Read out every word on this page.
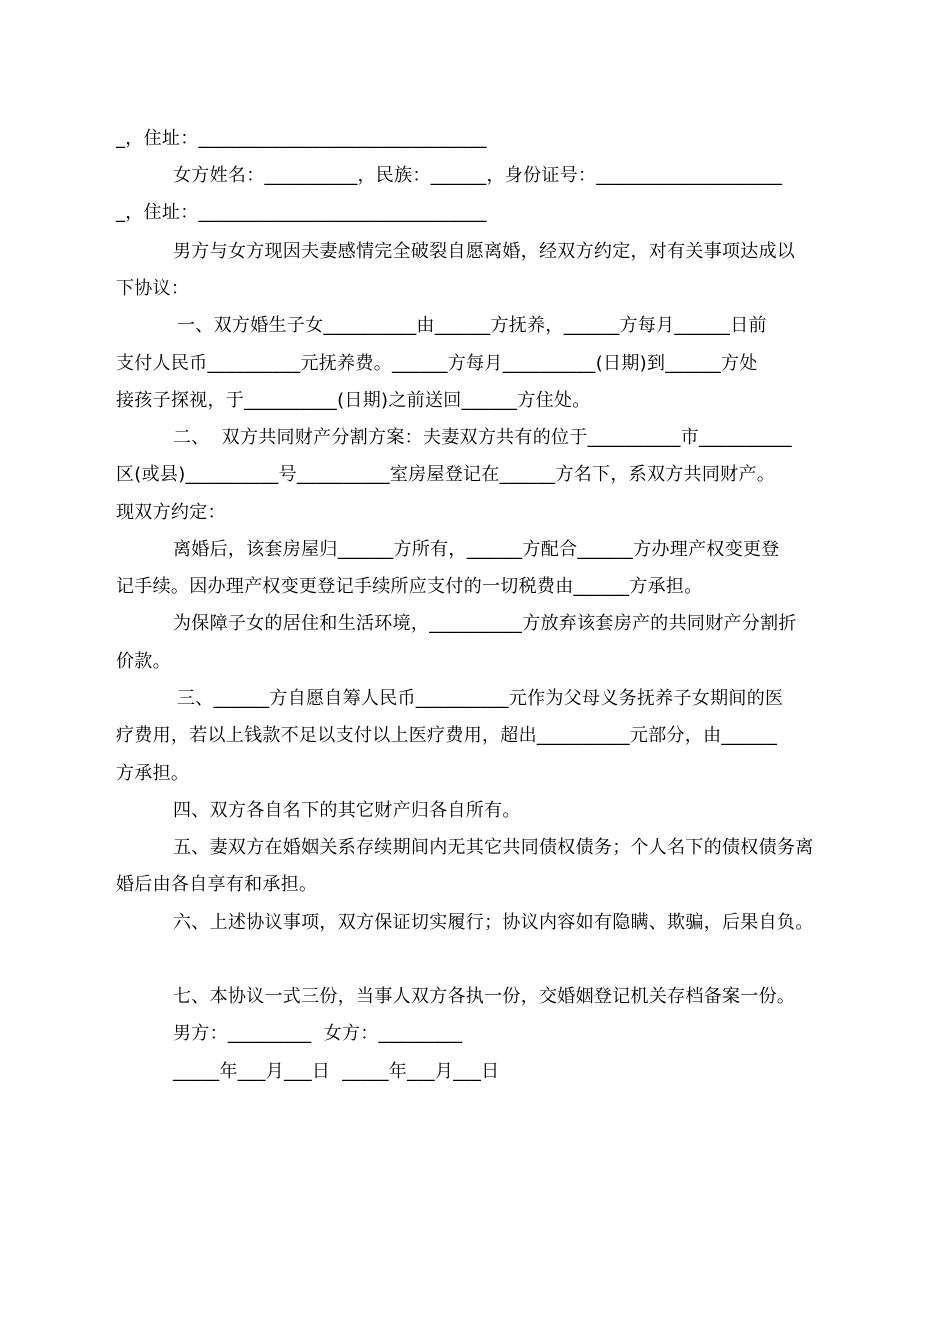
_，住址：_______________________________
女方姓名：__________，民族：______，身份证号：____________________
_，住址：_______________________________
男方与女方现因夫妻感情完全破裂自愿离婚，经双方约定，对有关事项达成以
下协议：
一、双方婚生子女__________由______方抚养，______方每月______日前
支付人民币__________元抚养费。______方每月__________(日期)到______方处
接孩子探视，于__________(日期)之前送回______方住处。
二、  双方共同财产分割方案：夫妻双方共有的位于__________市__________
区(或县)__________号__________室房屋登记在______方名下，系双方共同财产。
现双方约定：
离婚后，该套房屋归______方所有，______方配合______方办理产权变更登
记手续。因办理产权变更登记手续所应支付的一切税费由______方承担。
为保障子女的居住和生活环境，__________方放弃该套房产的共同财产分割折
价款。
三、______方自愿自筹人民币__________元作为父母义务抚养子女期间的医
疗费用，若以上钱款不足以支付以上医疗费用，超出__________元部分，由______
方承担。
四、双方各自名下的其它财产归各自所有。
五、妻双方在婚姻关系存续期间内无其它共同债权债务；个人名下的债权债务离
婚后由各自享有和承担。
六、上述协议事项，双方保证切实履行；协议内容如有隐瞒、欺骗，后果自负。
七、本协议一式三份，当事人双方各执一份，交婚姻登记机关存档备案一份。
男方：_________  女方：_________
_____年___月___日  _____年___月___日
